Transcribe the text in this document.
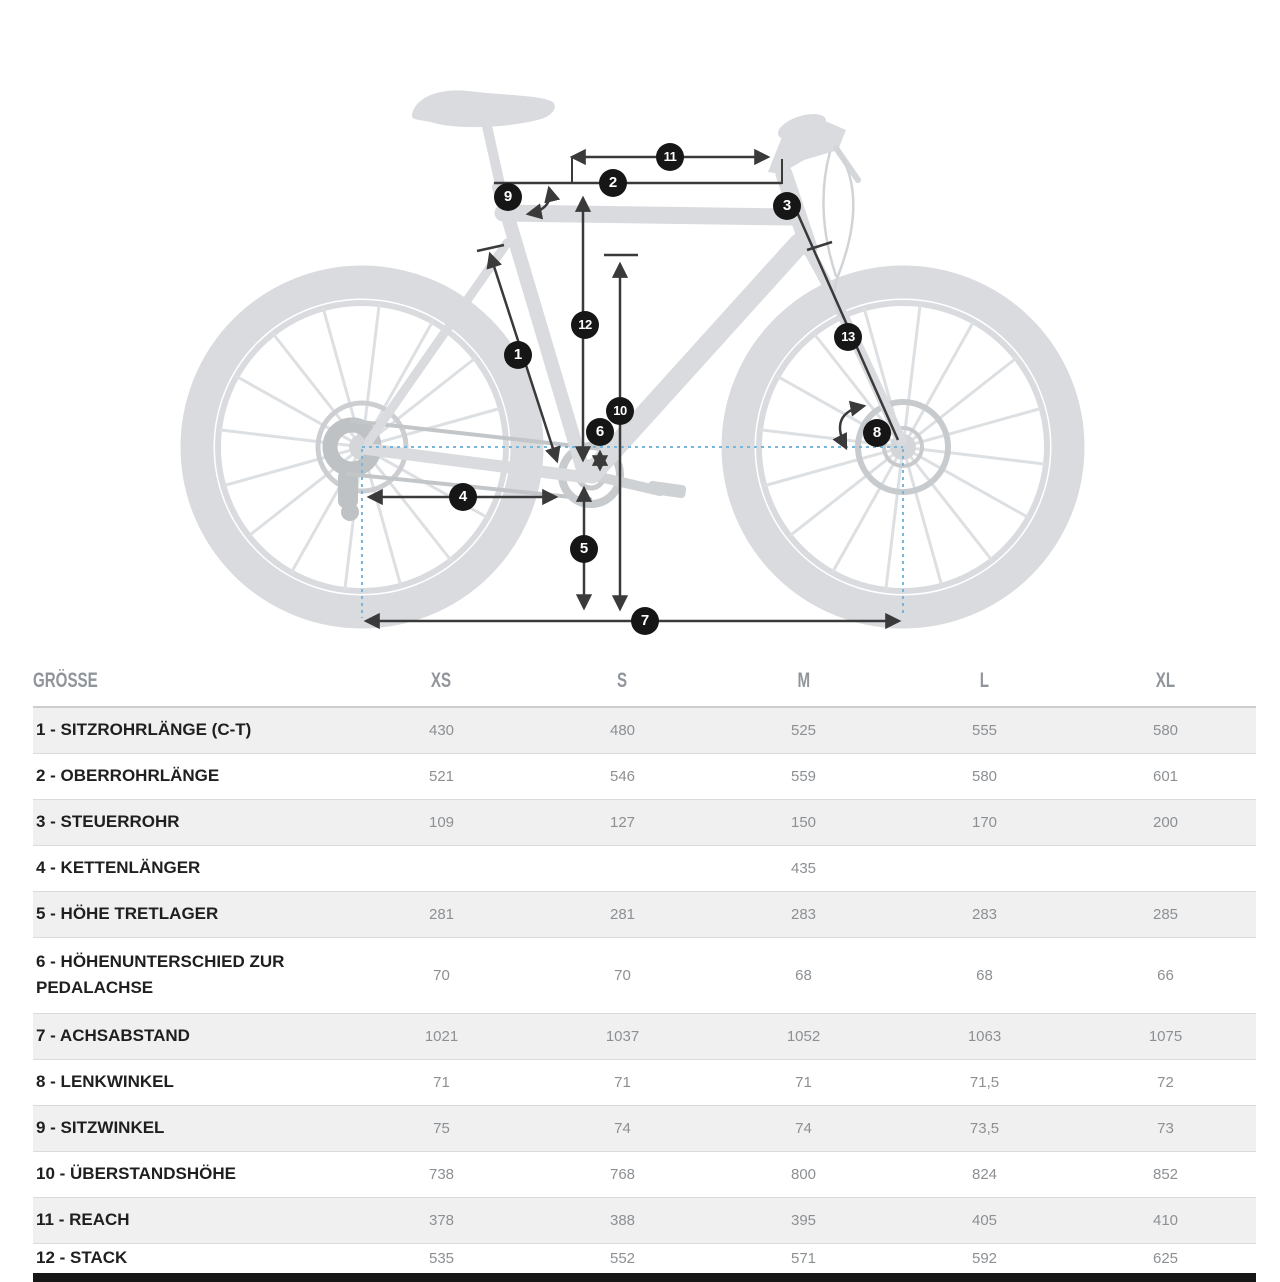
1
2
3
4
5
6
7
8
9
10
11
12
13
GRÖSSE	XS	S	M	L	XL
1 - SITZROHRLÄNGE (C-T)	430	480	525	555	580
2 - OBERROHRLÄNGE	521	546	559	580	601
3 - STEUERROHR	109	127	150	170	200
4 - KETTENLÄNGER			435		
5 - HÖHE TRETLAGER	281	281	283	283	285
6 - HÖHENUNTERSCHIED ZUR PEDALACHSE	70	70	68	68	66
7 - ACHSABSTAND	1021	1037	1052	1063	1075
8 - LENKWINKEL	71	71	71	71,5	72
9 - SITZWINKEL	75	74	74	73,5	73
10 - ÜBERSTANDSHÖHE	738	768	800	824	852
11 - REACH	378	388	395	405	410
12 - STACK	535	552	571	592	625
